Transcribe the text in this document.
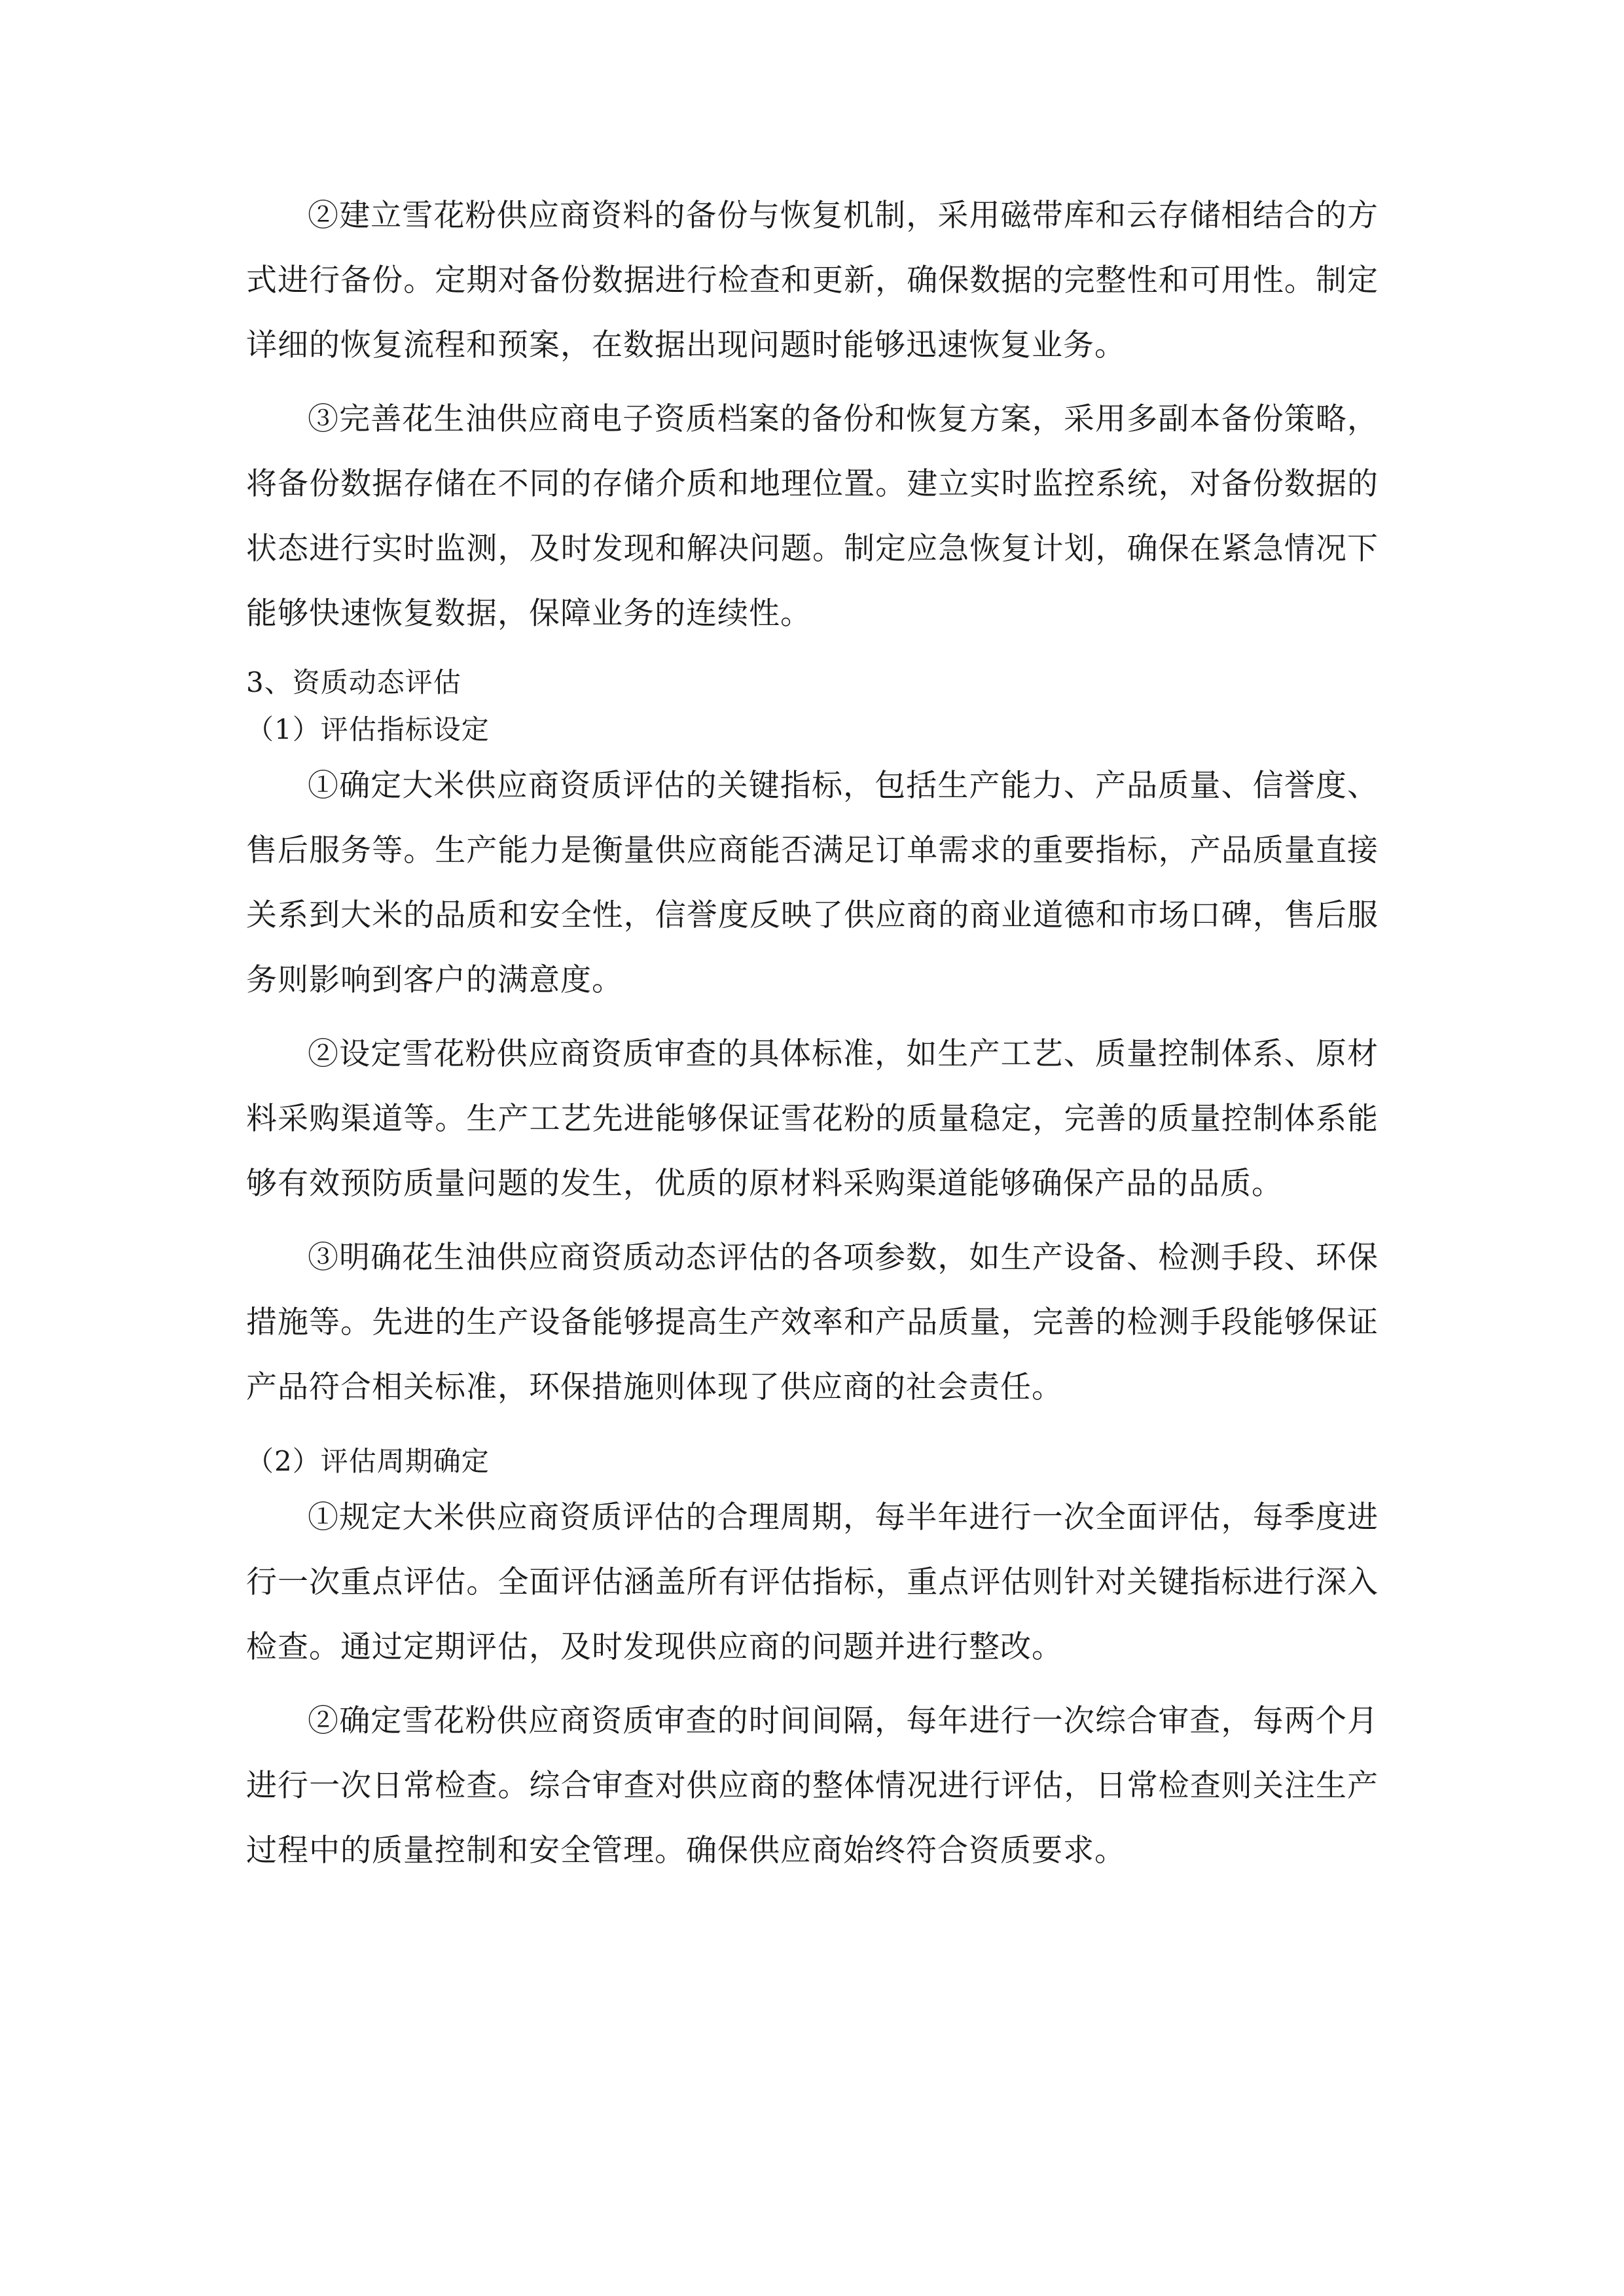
②建立雪花粉供应商资料的备份与恢复机制，采用磁带库和云存储相结合的方式进行备份。定期对备份数据进行检查和更新，确保数据的完整性和可用性。制定详细的恢复流程和预案，在数据出现问题时能够迅速恢复业务。

③完善花生油供应商电子资质档案的备份和恢复方案，采用多副本备份策略，将备份数据存储在不同的存储介质和地理位置。建立实时监控系统，对备份数据的状态进行实时监测，及时发现和解决问题。制定应急恢复计划，确保在紧急情况下能够快速恢复数据，保障业务的连续性。

3、资质动态评估

（1）评估指标设定

①确定大米供应商资质评估的关键指标，包括生产能力、产品质量、信誉度、售后服务等。生产能力是衡量供应商能否满足订单需求的重要指标，产品质量直接关系到大米的品质和安全性，信誉度反映了供应商的商业道德和市场口碑，售后服务则影响到客户的满意度。

②设定雪花粉供应商资质审查的具体标准，如生产工艺、质量控制体系、原材料采购渠道等。生产工艺先进能够保证雪花粉的质量稳定，完善的质量控制体系能够有效预防质量问题的发生，优质的原材料采购渠道能够确保产品的品质。

③明确花生油供应商资质动态评估的各项参数，如生产设备、检测手段、环保措施等。先进的生产设备能够提高生产效率和产品质量，完善的检测手段能够保证产品符合相关标准，环保措施则体现了供应商的社会责任。

（2）评估周期确定

①规定大米供应商资质评估的合理周期，每半年进行一次全面评估，每季度进行一次重点评估。全面评估涵盖所有评估指标，重点评估则针对关键指标进行深入检查。通过定期评估，及时发现供应商的问题并进行整改。

②确定雪花粉供应商资质审查的时间间隔，每年进行一次综合审查，每两个月进行一次日常检查。综合审查对供应商的整体情况进行评估，日常检查则关注生产过程中的质量控制和安全管理。确保供应商始终符合资质要求。
